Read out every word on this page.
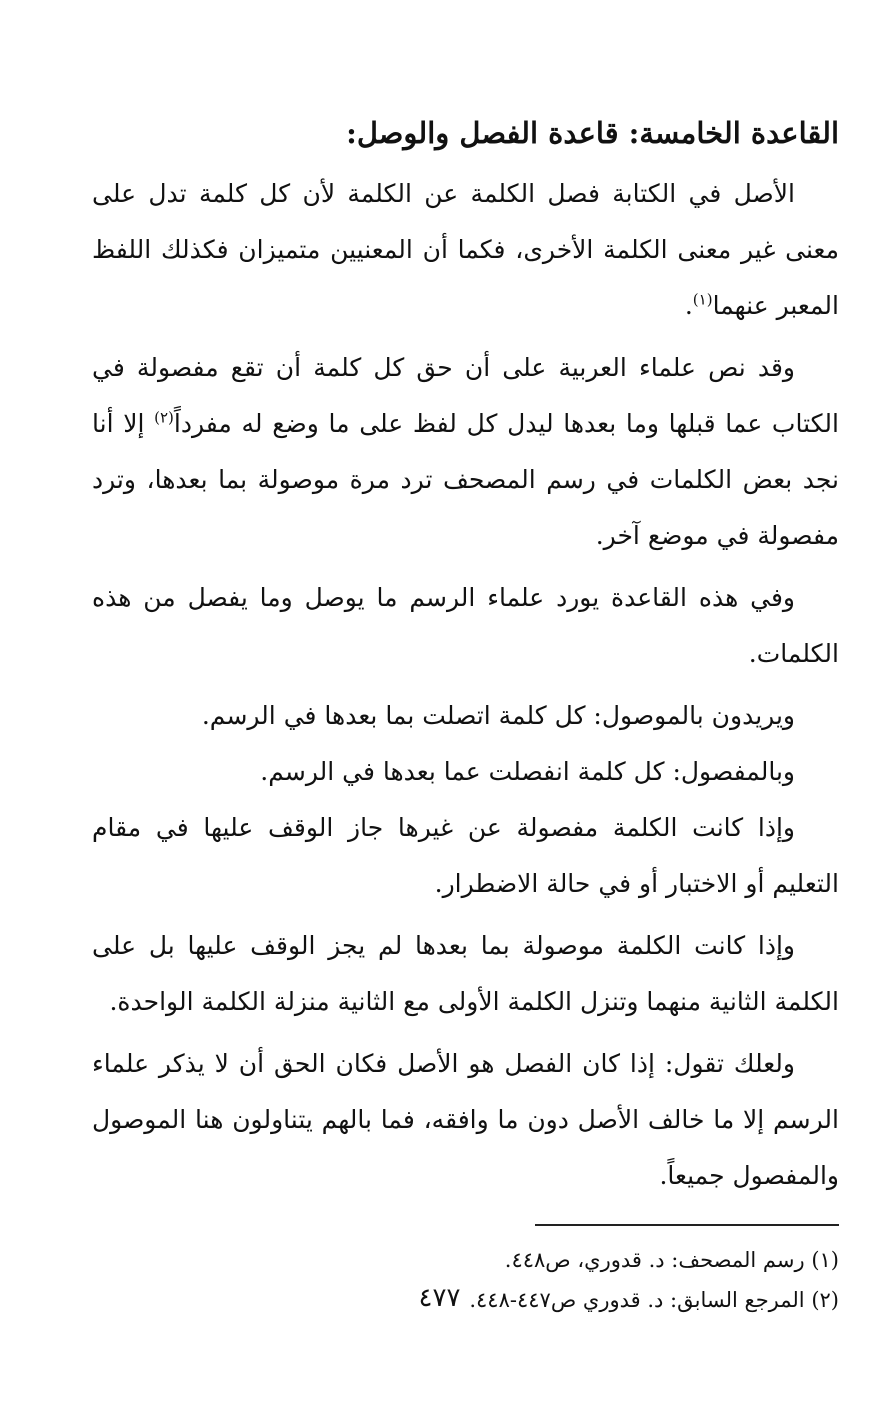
القاعدة الخامسة: قاعدة الفصل والوصل:

الأصل في الكتابة فصل الكلمة عن الكلمة لأن كل كلمة تدل على معنى غير معنى الكلمة الأخرى، فكما أن المعنيين متميزان فكذلك اللفظ المعبر عنهما$^{(١)}$.

وقد نص علماء العربية على أن حق كل كلمة أن تقع مفصولة في الكتاب عما قبلها وما بعدها ليدل كل لفظ على ما وضع له مفرداً$^{(٢)}$ إلا أنا نجد بعض الكلمات في رسم المصحف ترد مرة موصولة بما بعدها، وترد مفصولة في موضع آخر.

وفي هذه القاعدة يورد علماء الرسم ما يوصل وما يفصل من هذه الكلمات.

ويريدون بالموصول: كل كلمة اتصلت بما بعدها في الرسم.

وبالمفصول: كل كلمة انفصلت عما بعدها في الرسم.

وإذا كانت الكلمة مفصولة عن غيرها جاز الوقف عليها في مقام التعليم أو الاختبار أو في حالة الاضطرار.

وإذا كانت الكلمة موصولة بما بعدها لم يجز الوقف عليها بل على الكلمة الثانية منهما وتنزل الكلمة الأولى مع الثانية منزلة الكلمة الواحدة.

ولعلك تقول: إذا كان الفصل هو الأصل فكان الحق أن لا يذكر علماء الرسم إلا ما خالف الأصل دون ما وافقه، فما بالهم يتناولون هنا الموصول والمفصول جميعاً.

(١) رسم المصحف: د. قدوري، ص٤٤٨.

(٢) المرجع السابق: د. قدوري ص٤٤٧-٤٤٨.

٤٧٧
